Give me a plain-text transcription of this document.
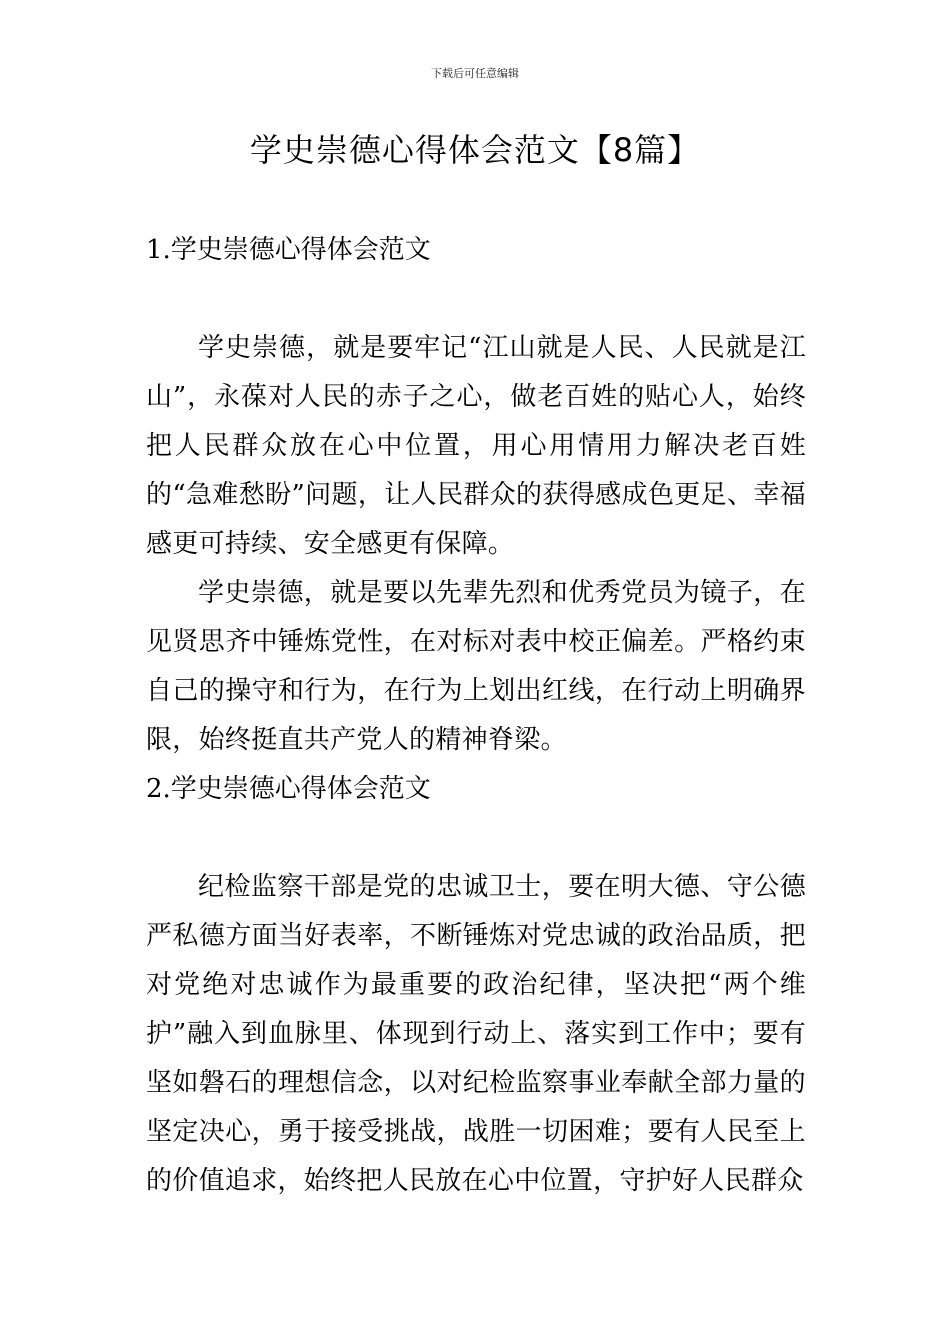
下载后可任意编辑
学史崇德心得体会范文【8篇】
1.学史崇德心得体会范文

学史崇德，就是要牢记“江山就是人民、人民就是江山”，永葆对人民的赤子之心，做老百姓的贴心人，始终把人民群众放在心中位置，用心用情用力解决老百姓的“急难愁盼”问题，让人民群众的获得感成色更足、幸福感更可持续、安全感更有保障。

学史崇德，就是要以先辈先烈和优秀党员为镜子，在见贤思齐中锤炼党性，在对标对表中校正偏差。严格约束自己的操守和行为，在行为上划出红线，在行动上明确界限，始终挺直共产党人的精神脊梁。

2.学史崇德心得体会范文

纪检监察干部是党的忠诚卫士，要在明大德、守公德严私德方面当好表率，不断锤炼对党忠诚的政治品质，把对党绝对忠诚作为最重要的政治纪律，坚决把“两个维护”融入到血脉里、体现到行动上、落实到工作中；要有坚如磐石的理想信念，以对纪检监察事业奉献全部力量的坚定决心，勇于接受挑战，战胜一切困难；要有人民至上的价值追求，始终把人民放在心中位置，守护好人民群众
